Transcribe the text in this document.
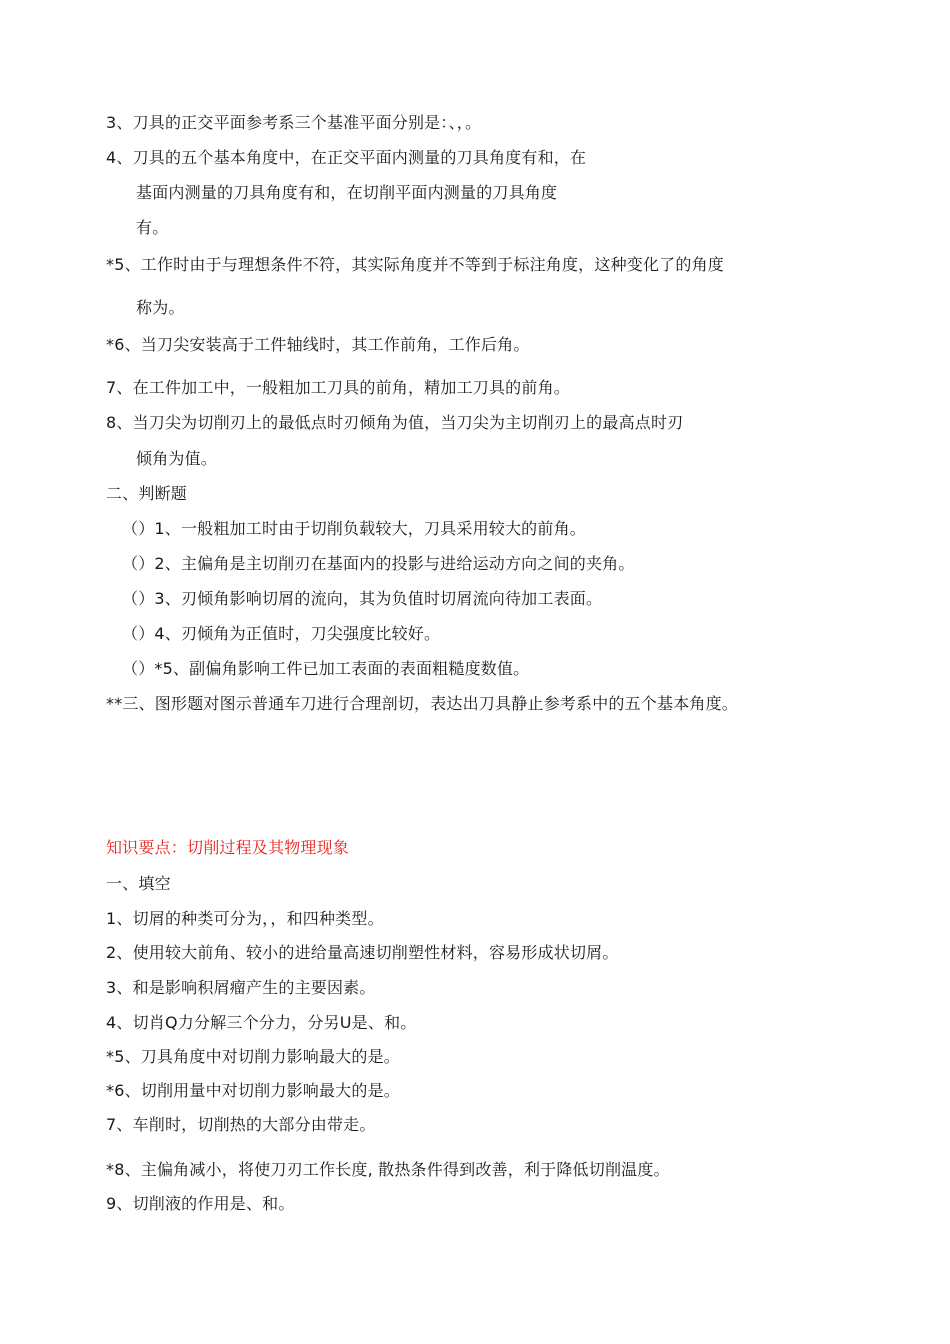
3、刀具的正交平面参考系三个基准平面分别是：、，。
4、刀具的五个基本角度中，在正交平面内测量的刀具角度有和，在
基面内测量的刀具角度有和，在切削平面内测量的刀具角度
有。
*5、工作时由于与理想条件不符，其实际角度并不等到于标注角度，这种变化了的角度
称为。
*6、当刀尖安装高于工件轴线时，其工作前角，工作后角。
7、在工件加工中，一般粗加工刀具的前角，精加工刀具的前角。
8、当刀尖为切削刃上的最低点时刃倾角为值，当刀尖为主切削刃上的最高点时刃
倾角为值。
二、判断题
（）1、一般粗加工时由于切削负载较大，刀具采用较大的前角。
（）2、主偏角是主切削刃在基面内的投影与进给运动方向之间的夹角。
（）3、刃倾角影响切屑的流向，其为负值时切屑流向待加工表面。
（）4、刃倾角为正值时，刀尖强度比较好。
（）*5、副偏角影响工件已加工表面的表面粗糙度数值。
**三、图形题对图示普通车刀进行合理剖切，表达出刀具静止参考系中的五个基本角度。
知识要点：切削过程及其物理现象
一、填空
1、切屑的种类可分为，，和四种类型。
2、使用较大前角、较小的进给量高速切削塑性材料，容易形成状切屑。
3、和是影响积屑瘤产生的主要因素。
4、切肖Q力分解三个分力，分另U是、和。
*5、刀具角度中对切削力影响最大的是。
*6、切削用量中对切削力影响最大的是。
7、车削时，切削热的大部分由带走。
*8、主偏角减小，将使刀刃工作长度, 散热条件得到改善，利于降低切削温度。
9、切削液的作用是、和。
